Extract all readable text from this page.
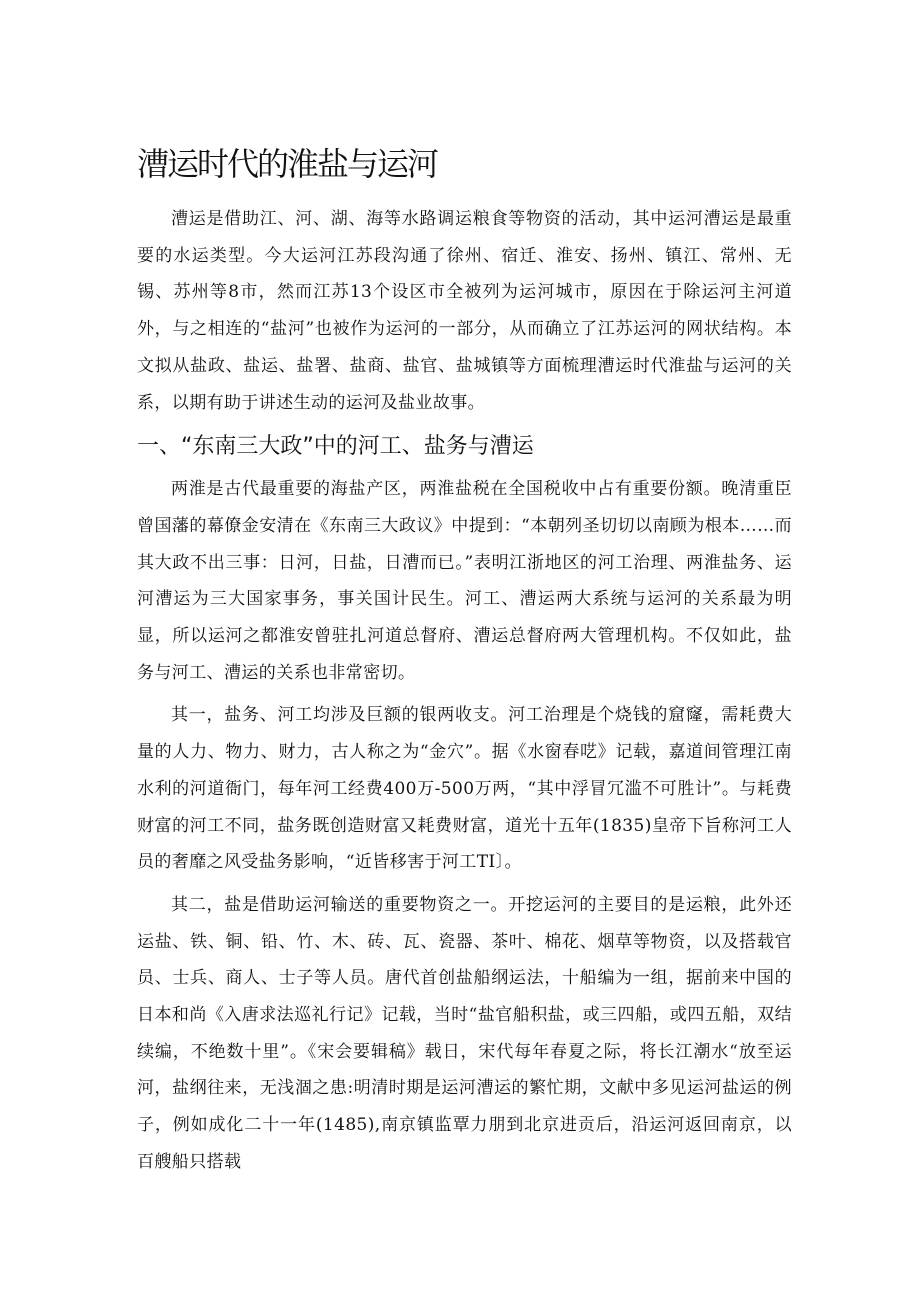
漕运时代的淮盐与运河

漕运是借助江、河、湖、海等水路调运粮食等物资的活动，其中运河漕运是最重要的水运类型。今大运河江苏段沟通了徐州、宿迁、淮安、扬州、镇江、常州、无锡、苏州等8市，然而江苏13个设区市全被列为运河城市，原因在于除运河主河道外，与之相连的“盐河”也被作为运河的一部分，从而确立了江苏运河的网状结构。本文拟从盐政、盐运、盐署、盐商、盐官、盐城镇等方面梳理漕运时代淮盐与运河的关系，以期有助于讲述生动的运河及盐业故事。

一、“东南三大政”中的河工、盐务与漕运

两淮是古代最重要的海盐产区，两淮盐税在全国税收中占有重要份额。晚清重臣曾国藩的幕僚金安清在《东南三大政议》中提到：“本朝列圣切切以南顾为根本……而其大政不出三事：日河，日盐，日漕而已。”表明江浙地区的河工治理、两淮盐务、运河漕运为三大国家事务，事关国计民生。河工、漕运两大系统与运河的关系最为明显，所以运河之都淮安曾驻扎河道总督府、漕运总督府两大管理机构。不仅如此，盐务与河工、漕运的关系也非常密切。

其一，盐务、河工均涉及巨额的银两收支。河工治理是个烧钱的窟窿，需耗费大量的人力、物力、财力，古人称之为“金穴”。据《水窗春呓》记载，嘉道间管理江南水利的河道衙门，每年河工经费400万-500万两，“其中浮冒冗滥不可胜计”。与耗费财富的河工不同，盐务既创造财富又耗费财富，道光十五年(1835)皇帝下旨称河工人员的奢靡之风受盐务影响，“近皆移害于河工TI〕。

其二，盐是借助运河输送的重要物资之一。开挖运河的主要目的是运粮，此外还运盐、铁、铜、铅、竹、木、砖、瓦、瓷器、茶叶、棉花、烟草等物资，以及搭载官员、士兵、商人、士子等人员。唐代首创盐船纲运法，十船编为一组，据前来中国的日本和尚《入唐求法巡礼行记》记载，当时“盐官船积盐，或三四船，或四五船，双结续编，不绝数十里”。《宋会要辑稿》载日，宋代每年春夏之际，将长江潮水“放至运河，盐纲往来，无浅涸之患:明清时期是运河漕运的繁忙期，文献中多见运河盐运的例子，例如成化二十一年(1485),南京镇监覃力朋到北京进贡后，沿运河返回南京，以百艘船只搭载
